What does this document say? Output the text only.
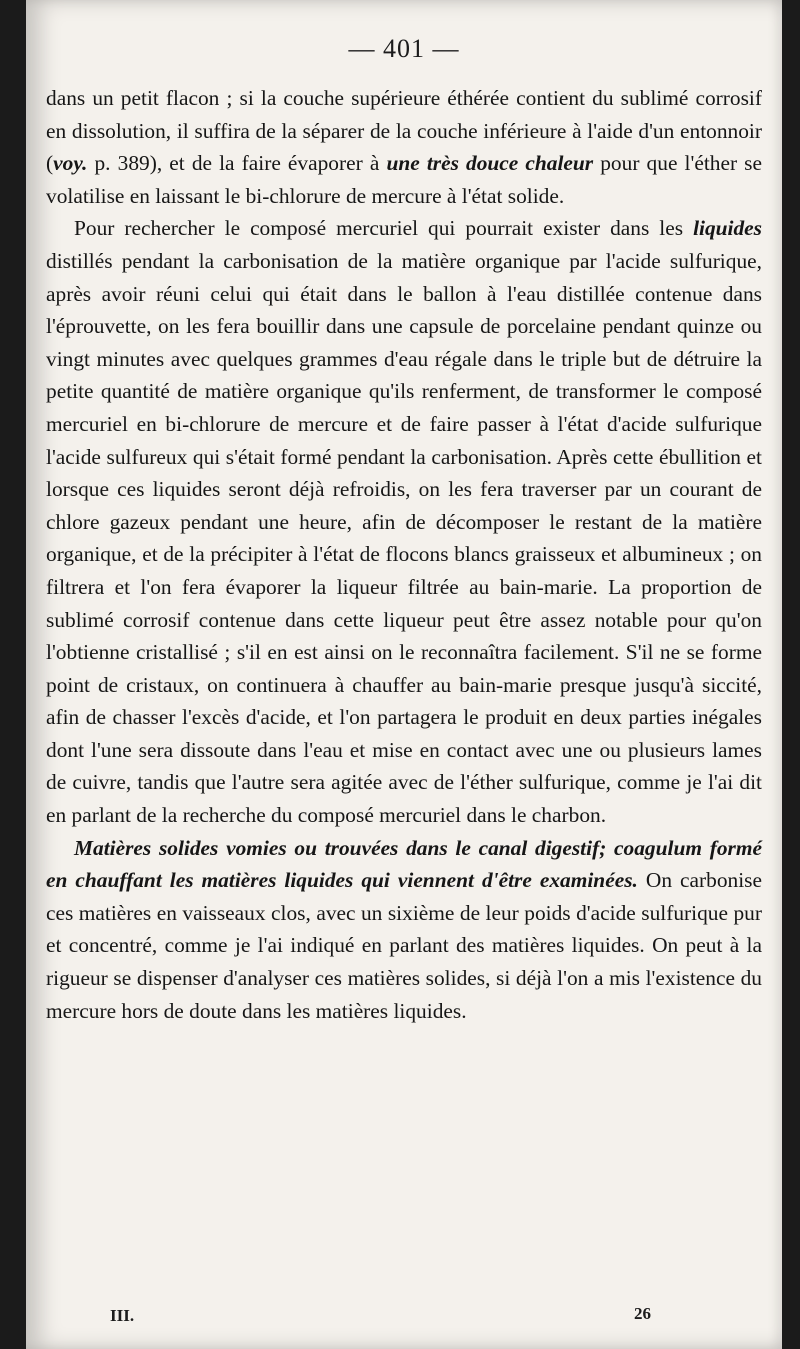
— 401 —

dans un petit flacon ; si la couche supérieure éthérée contient du sublimé corrosif en dissolution, il suffira de la séparer de la couche inférieure à l'aide d'un entonnoir (voy. p. 389), et de la faire évaporer à une très douce chaleur pour que l'éther se volatilise en laissant le bi-chlorure de mercure à l'état solide.

Pour rechercher le composé mercuriel qui pourrait exister dans les liquides distillés pendant la carbonisation de la matière organique par l'acide sulfurique, après avoir réuni celui qui était dans le ballon à l'eau distillée contenue dans l'éprouvette, on les fera bouillir dans une capsule de porcelaine pendant quinze ou vingt minutes avec quelques grammes d'eau régale dans le triple but de détruire la petite quantité de matière organique qu'ils renferment, de transformer le composé mercuriel en bi-chlorure de mercure et de faire passer à l'état d'acide sulfurique l'acide sulfureux qui s'était formé pendant la carbonisation. Après cette ébullition et lorsque ces liquides seront déjà refroidis, on les fera traverser par un courant de chlore gazeux pendant une heure, afin de décomposer le restant de la matière organique, et de la précipiter à l'état de flocons blancs graisseux et albumineux ; on filtrera et l'on fera évaporer la liqueur filtrée au bain-marie. La proportion de sublimé corrosif contenue dans cette liqueur peut être assez notable pour qu'on l'obtienne cristallisé ; s'il en est ainsi on le reconnaîtra facilement. S'il ne se forme point de cristaux, on continuera à chauffer au bain-marie presque jusqu'à siccité, afin de chasser l'excès d'acide, et l'on partagera le produit en deux parties inégales dont l'une sera dissoute dans l'eau et mise en contact avec une ou plusieurs lames de cuivre, tandis que l'autre sera agitée avec de l'éther sulfurique, comme je l'ai dit en parlant de la recherche du composé mercuriel dans le charbon.

Matières solides vomies ou trouvées dans le canal digestif; coagulum formé en chauffant les matières liquides qui viennent d'être examinées. On carbonise ces matières en vaisseaux clos, avec un sixième de leur poids d'acide sulfurique pur et concentré, comme je l'ai indiqué en parlant des matières liquides. On peut à la rigueur se dispenser d'analyser ces matières solides, si déjà l'on a mis l'existence du mercure hors de doute dans les matières liquides.

III.	26
